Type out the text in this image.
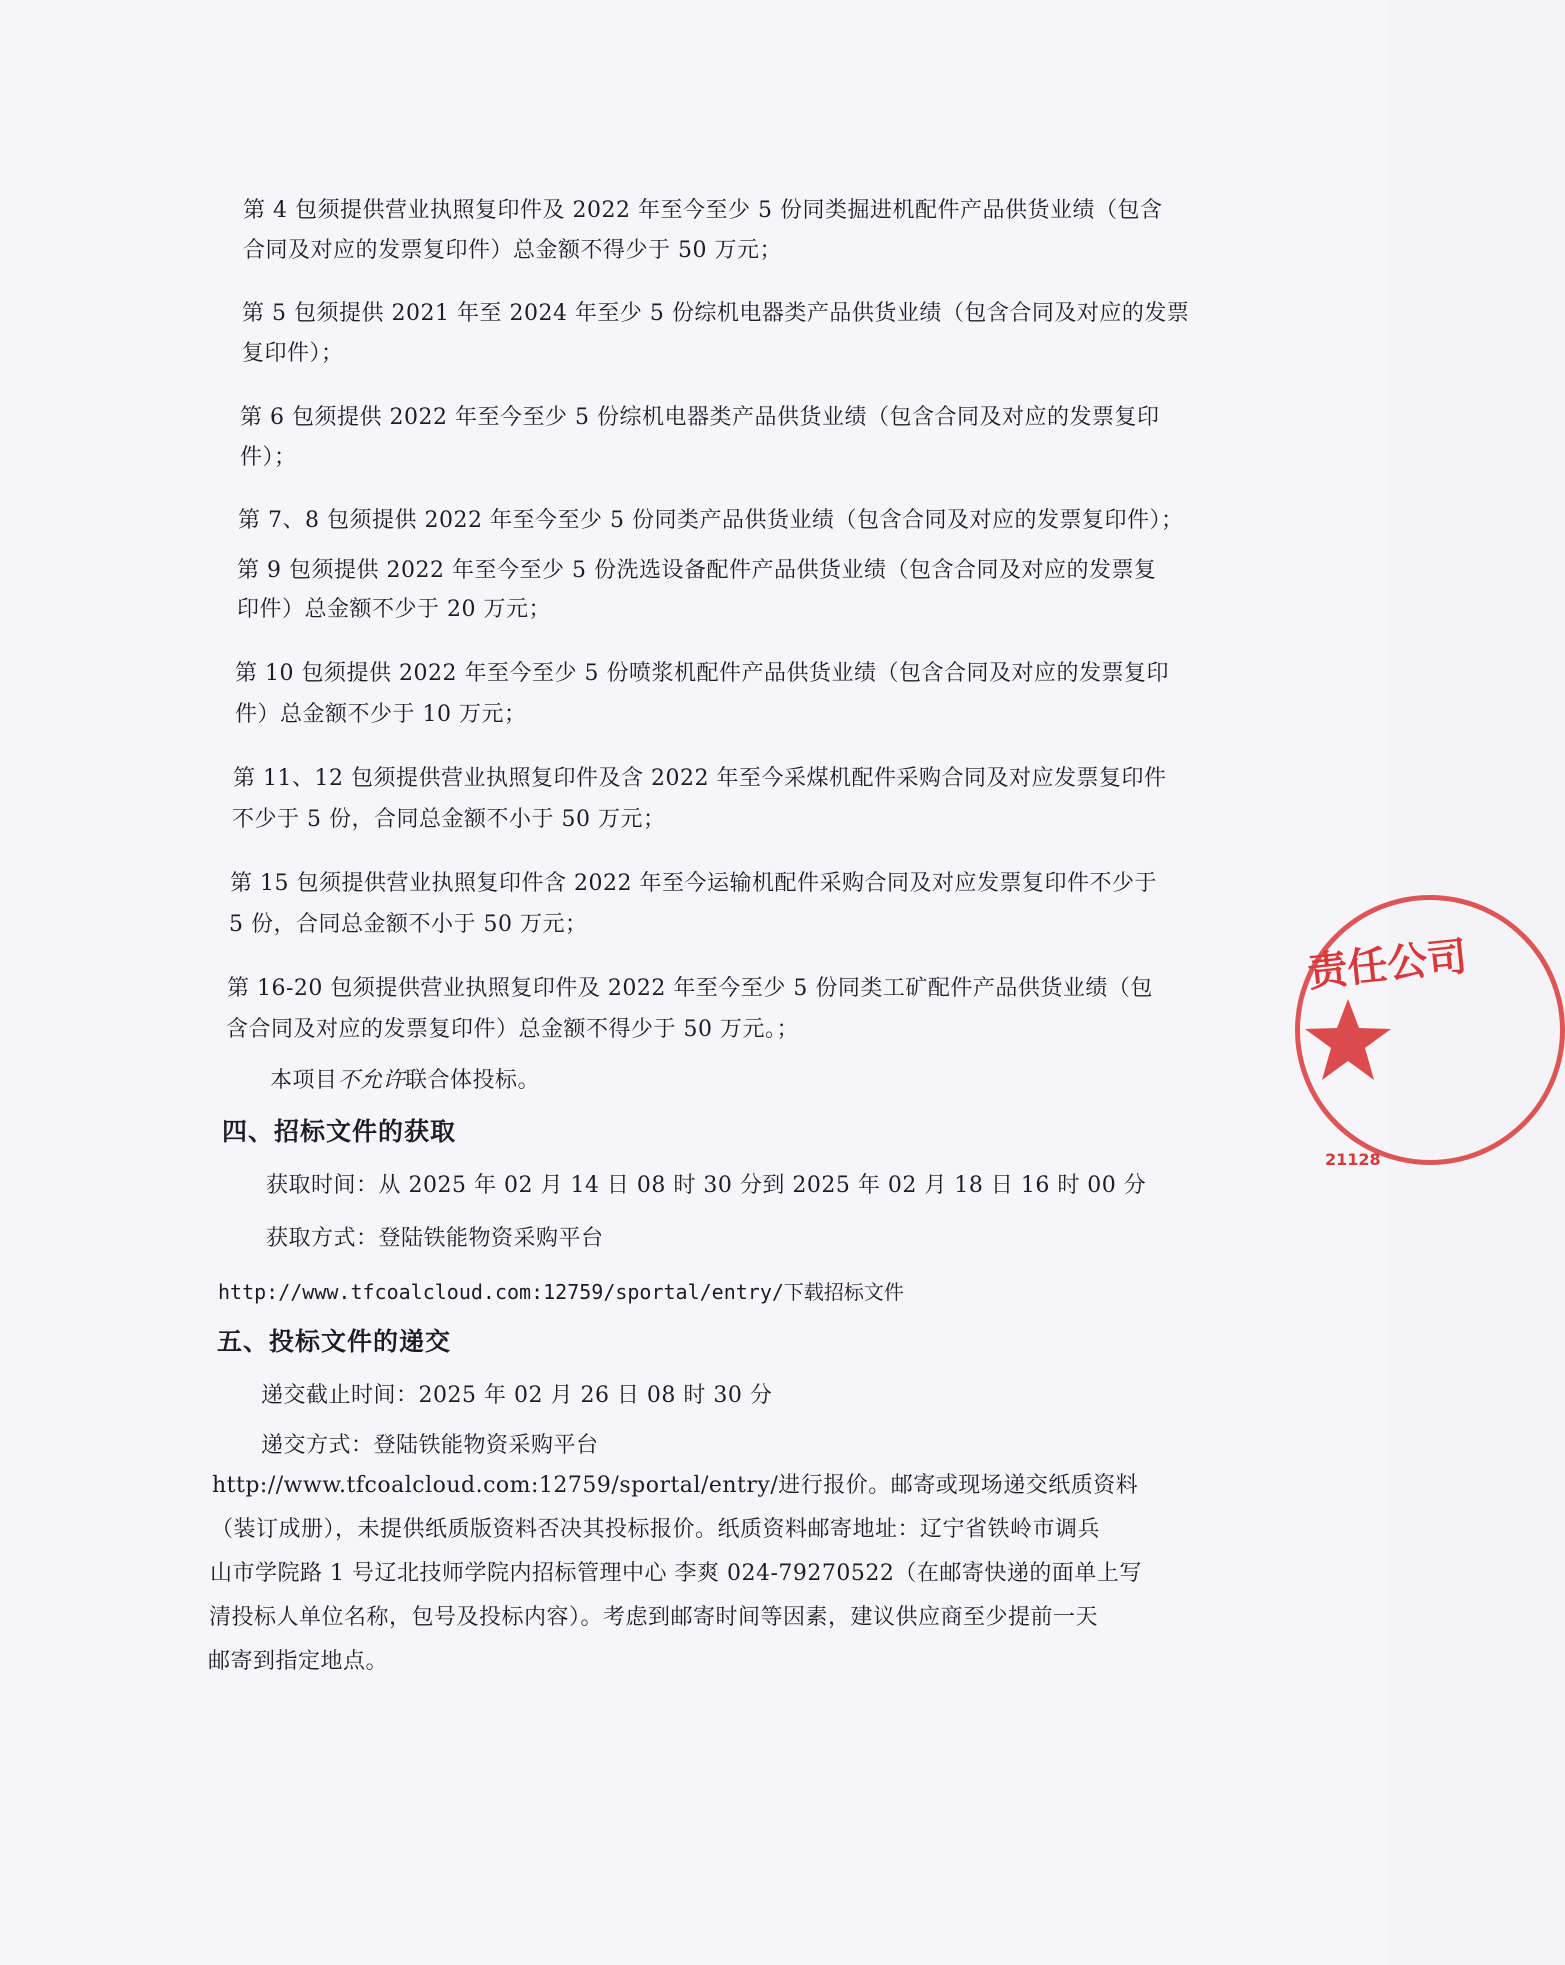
第 4 包须提供营业执照复印件及 2022 年至今至少 5 份同类掘进机配件产品供货业绩（包含
合同及对应的发票复印件）总金额不得少于 50 万元；
第 5 包须提供 2021 年至 2024 年至少 5 份综机电器类产品供货业绩（包含合同及对应的发票
复印件）；
第 6 包须提供 2022 年至今至少 5 份综机电器类产品供货业绩（包含合同及对应的发票复印
件）；
第 7、8 包须提供 2022 年至今至少 5 份同类产品供货业绩（包含合同及对应的发票复印件）；
第 9 包须提供 2022 年至今至少 5 份洗选设备配件产品供货业绩（包含合同及对应的发票复
印件）总金额不少于 20 万元；
第 10 包须提供 2022 年至今至少 5 份喷浆机配件产品供货业绩（包含合同及对应的发票复印
件）总金额不少于 10 万元；
第 11、12 包须提供营业执照复印件及含 2022 年至今采煤机配件采购合同及对应发票复印件
不少于 5 份，合同总金额不小于 50 万元；
第 15 包须提供营业执照复印件含 2022 年至今运输机配件采购合同及对应发票复印件不少于
5 份，合同总金额不小于 50 万元；
第 16-20 包须提供营业执照复印件及 2022 年至今至少 5 份同类工矿配件产品供货业绩（包
含合同及对应的发票复印件）总金额不得少于 50 万元。；
本项目不允许联合体投标。
四、招标文件的获取
获取时间：从 2025 年 02 月 14 日 08 时 30 分到 2025 年 02 月 18 日 16 时 00 分
获取方式：登陆铁能物资采购平台
http://www.tfcoalcloud.com:12759/sportal/entry/下载招标文件
五、投标文件的递交
递交截止时间：2025 年 02 月 26 日 08 时 30 分
递交方式：登陆铁能物资采购平台
http://www.tfcoalcloud.com:12759/sportal/entry/进行报价。邮寄或现场递交纸质资料
（装订成册），未提供纸质版资料否决其投标报价。纸质资料邮寄地址：辽宁省铁岭市调兵
山市学院路 1 号辽北技师学院内招标管理中心 李爽 024-79270522（在邮寄快递的面单上写
清投标人单位名称，包号及投标内容）。考虑到邮寄时间等因素，建议供应商至少提前一天
邮寄到指定地点。
责任公司
21128
